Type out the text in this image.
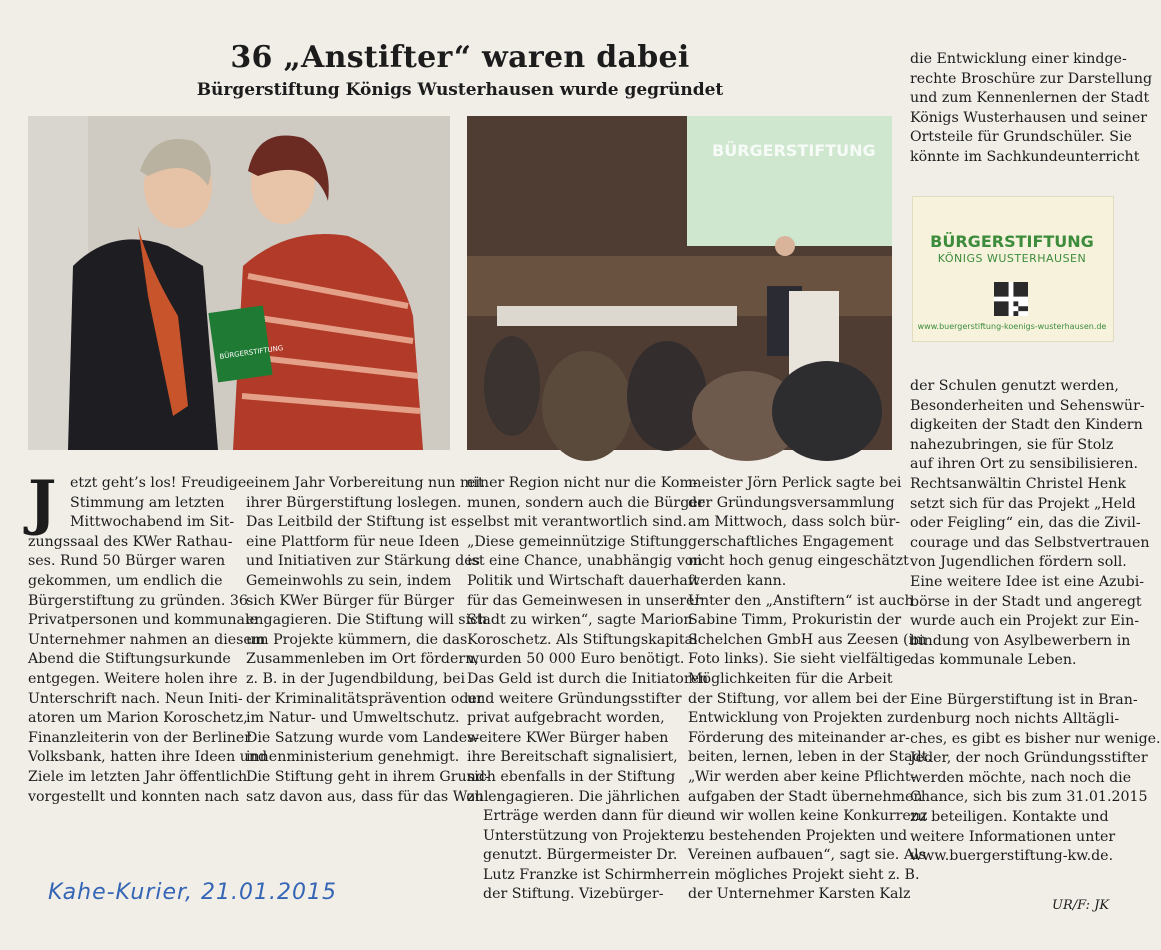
36 „Anstifter“ waren dabei
Bürgerstiftung Königs Wusterhausen wurde gegründet
BÜRGERSTIFTUNG
BÜRGERSTIFTUNG
BÜRGERSTIFTUNG
KÖNIGS WUSTERHAUSEN
www.buergerstiftung-koenigs-wusterhausen.de
J etzt geht’s los! Freudige

Stimmung am letzten

Mittwochabend im Sit-

zungssaal des KWer Rathau-

ses. Rund 50 Bürger waren

gekommen, um endlich die

Bürgerstiftung zu gründen. 36

Privatpersonen und kommunale

Unternehmer nahmen an diesem

Abend die Stiftungsurkunde

entgegen. Weitere holen ihre

Unterschrift nach. Neun Initi-

atoren um Marion Koroschetz,

Finanzleiterin von der Berliner

Volksbank, hatten ihre Ideen und

Ziele im letzten Jahr öffentlich

vorgestellt und konnten nach

einem Jahr Vorbereitung nun mit

ihrer Bürgerstiftung loslegen.

Das Leitbild der Stiftung ist es,

eine Plattform für neue Ideen

und Initiativen zur Stärkung des

Gemeinwohls zu sein, indem

sich KWer Bürger für Bürger

engagieren. Die Stiftung will sich

um Projekte kümmern, die das

Zusammenleben im Ort fördern,

z. B. in der Jugendbildung, bei

der Kriminalitätsprävention oder

im Natur- und Umweltschutz.

Die Satzung wurde vom Landes-

innenministerium genehmigt.

Die Stiftung geht in ihrem Grund-

satz davon aus, dass für das Wohl

einer Region nicht nur die Kom-

munen, sondern auch die Bürger

selbst mit verantwortlich sind.

„Diese gemeinnützige Stiftung

ist eine Chance, unabhängig von

Politik und Wirtschaft dauerhaft

für das Gemeinwesen in unserer

Stadt zu wirken“, sagte Marion

Koroschetz. Als Stiftungskapital

wurden 50 000 Euro benötigt.

Das Geld ist durch die Initiatoren

und weitere Gründungsstifter

privat aufgebracht worden,

weitere KWer Bürger haben

ihre Bereitschaft signalisiert,

sich ebenfalls in der Stiftung

zu engagieren. Die jährlichen

Erträge werden dann für die

Unterstützung von Projekten

genutzt. Bürgermeister Dr.

Lutz Franzke ist Schirmherr

der Stiftung. Vizebürger-

meister Jörn Perlick sagte bei

der Gründungsversammlung

am Mittwoch, dass solch bür-

gerschaftliches Engagement

nicht hoch genug eingeschätzt

werden kann.

Unter den „Anstiftern“ ist auch

Sabine Timm, Prokuristin der

Schelchen GmbH aus Zeesen (im

Foto links). Sie sieht vielfältige

Möglichkeiten für die Arbeit

der Stiftung, vor allem bei der

Entwicklung von Projekten zur

Förderung des miteinander ar-

beiten, lernen, leben in der Stadt.

„Wir werden aber keine Pflicht-

aufgaben der Stadt übernehmen

und wir wollen keine Konkurrenz

zu bestehenden Projekten und

Vereinen aufbauen“, sagt sie. Als

ein mögliches Projekt sieht z. B.

der Unternehmer Karsten Kalz

die Entwicklung einer kindge-

rechte Broschüre zur Darstellung

und zum Kennenlernen der Stadt

Königs Wusterhausen und seiner

Ortsteile für Grundschüler. Sie

könnte im Sachkundeunterricht

der Schulen genutzt werden,

Besonderheiten und Sehenswür-

digkeiten der Stadt den Kindern

nahezubringen, sie für Stolz

auf ihren Ort zu sensibilisieren.

Rechtsanwältin Christel Henk

setzt sich für das Projekt „Held

oder Feigling“ ein, das die Zivil-

courage und das Selbstvertrauen

von Jugendlichen fördern soll.

Eine weitere Idee ist eine Azubi-

börse in der Stadt und angeregt

wurde auch ein Projekt zur Ein-

bindung von Asylbewerbern in

das kommunale Leben.

Eine Bürgerstiftung ist in Bran-

denburg noch nichts Alltägli-

ches, es gibt es bisher nur wenige.

Jeder, der noch Gründungsstifter

werden möchte, nach noch die

Chance, sich bis zum 31.01.2015

zu beteiligen. Kontakte und

weitere Informationen unter

www.buergerstiftung-kw.de.

Kahe-Kurier, 21.01.2015
UR/F: JK
